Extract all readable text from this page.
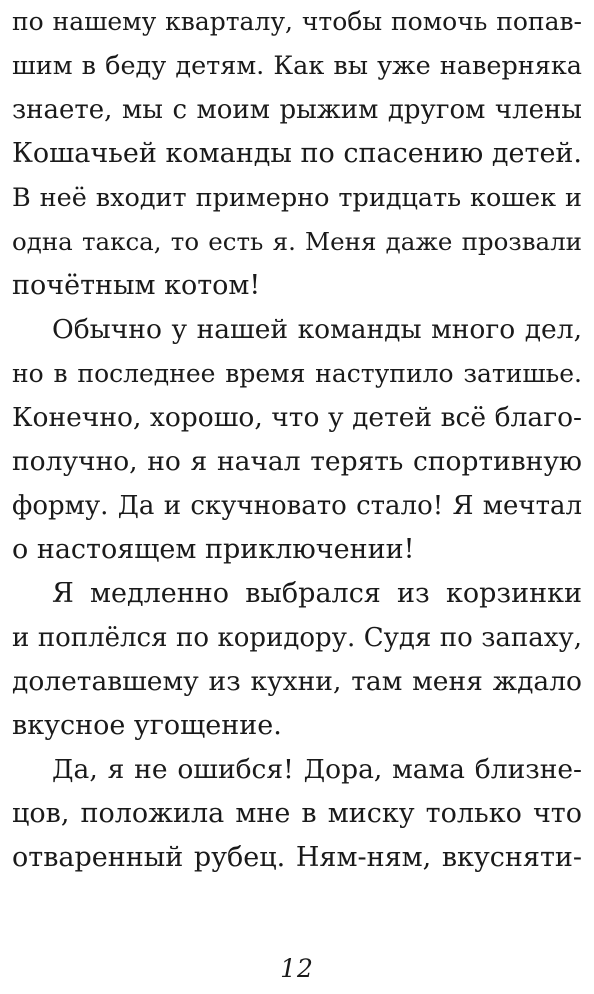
по нашему кварталу, чтобы помочь попав-
шим в беду детям. Как вы уже наверняка
знаете, мы с моим рыжим другом члены
Кошачьей команды по спасению детей.
В неё входит примерно тридцать кошек и
одна такса, то есть я. Меня даже прозвали
почётным котом!
Обычно у нашей команды много дел,
но в последнее время наступило затишье.
Конечно, хорошо, что у детей всё благо-
получно, но я начал терять спортивную
форму. Да и скучновато стало! Я мечтал
о настоящем приключении!
Я медленно выбрался из корзинки
и поплёлся по коридору. Судя по запаху,
долетавшему из кухни, там меня ждало
вкусное угощение.
Да, я не ошибся! Дора, мама близне-
цов, положила мне в миску только что
отваренный рубец. Ням-ням, вкусняти-
12
